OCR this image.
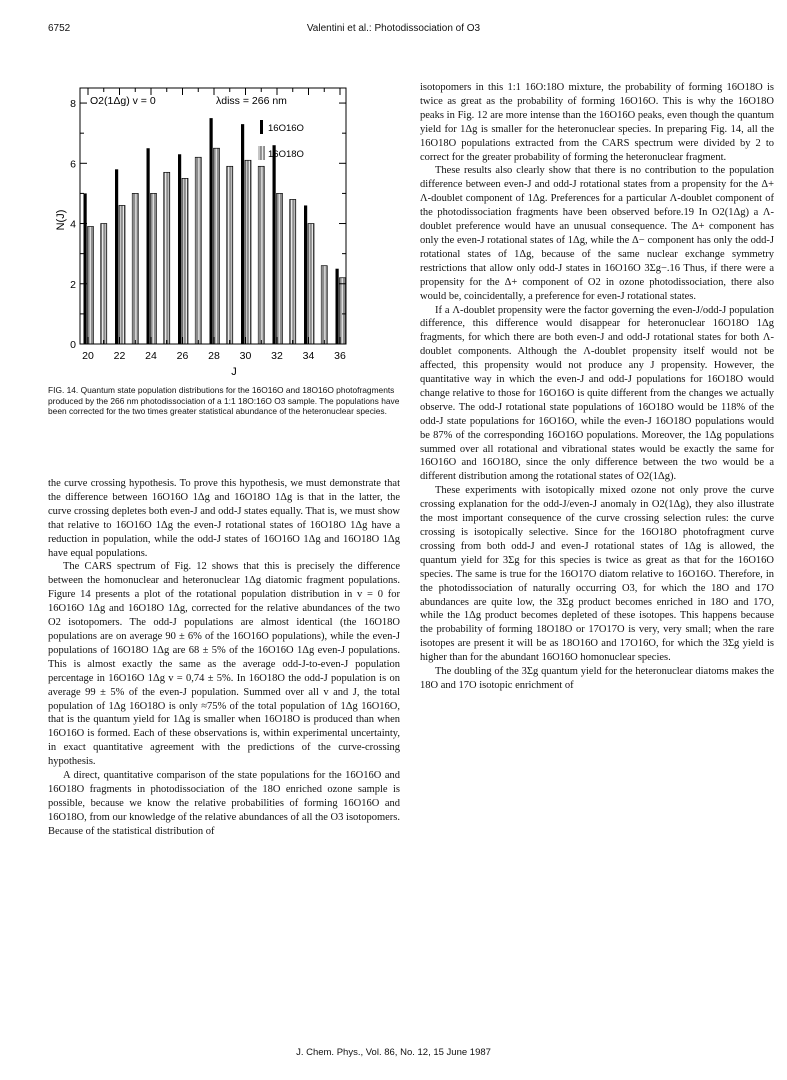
6752	Valentini et al.: Photodissociation of O3
0
2
4
6
8
20 22 24 26 28 30 32 34 36
O2(1Δg) v = 0	λdiss = 266 nm
16O16O
16O18O
N(J)
J
FIG. 14. Quantum state population distributions for the 16O16O and 18O16O photofragments produced by the 266 nm photodissociation of a 1:1 18O:16O O3 sample. The populations have been corrected for the two times greater statistical abundance of the heteronuclear species.

the curve crossing hypothesis. To prove this hypothesis, we must demonstrate that the difference between 16O16O 1Δg and 16O18O 1Δg is that in the latter, the curve crossing depletes both even-J and odd-J states equally. That is, we must show that relative to 16O16O 1Δg the even-J rotational states of 16O18O 1Δg have a reduction in population, while the odd-J states of 16O16O 1Δg and 16O18O 1Δg have equal populations.

The CARS spectrum of Fig. 12 shows that this is precisely the difference between the homonuclear and heteronuclear 1Δg diatomic fragment populations. Figure 14 presents a plot of the rotational population distribution in v = 0 for 16O16O 1Δg and 16O18O 1Δg, corrected for the relative abundances of the two O2 isotopomers. The odd-J populations are almost identical (the 16O18O populations are on average 90 ± 6% of the 16O16O populations), while the even-J populations of 16O18O 1Δg are 68 ± 5% of the 16O16O 1Δg even-J populations. This is almost exactly the same as the average odd-J-to-even-J population percentage in 16O16O 1Δg v = 0,74 ± 5%. In 16O18O the odd-J population is on average 99 ± 5% of the even-J population. Summed over all v and J, the total population of 1Δg 16O18O is only ≈75% of the total population of 1Δg 16O16O, that is the quantum yield for 1Δg is smaller when 16O18O is produced than when 16O16O is formed. Each of these observations is, within experimental uncertainty, in exact quantitative agreement with the predictions of the curve-crossing hypothesis.

A direct, quantitative comparison of the state populations for the 16O16O and 16O18O fragments in photodissociation of the 18O enriched ozone sample is possible, because we know the relative probabilities of forming 16O16O and 16O18O, from our knowledge of the relative abundances of all the O3 isotopomers. Because of the statistical distribution of

isotopomers in this 1:1 16O:18O mixture, the probability of forming 16O18O is twice as great as the probability of forming 16O16O. This is why the 16O18O peaks in Fig. 12 are more intense than the 16O16O peaks, even though the quantum yield for 1Δg is smaller for the heteronuclear species. In preparing Fig. 14, all the 16O18O populations extracted from the CARS spectrum were divided by 2 to correct for the greater probability of forming the heteronuclear fragment.

These results also clearly show that there is no contribution to the population difference between even-J and odd-J rotational states from a propensity for the Δ+ Λ-doublet component of 1Δg. Preferences for a particular Λ-doublet component of the photodissociation fragments have been observed before.19 In O2(1Δg) a Λ-doublet preference would have an unusual consequence. The Δ+ component has only the even-J rotational states of 1Δg, while the Δ− component has only the odd-J rotational states of 1Δg, because of the same nuclear exchange symmetry restrictions that allow only odd-J states in 16O16O 3Σg−.16 Thus, if there were a propensity for the Δ+ component of O2 in ozone photodissociation, there also would be, coincidentally, a preference for even-J rotational states.

If a Λ-doublet propensity were the factor governing the even-J/odd-J population difference, this difference would disappear for heteronuclear 16O18O 1Δg fragments, for which there are both even-J and odd-J rotational states for both Λ-doublet components. Although the Λ-doublet propensity itself would not be affected, this propensity would not produce any J propensity. However, the quantitative way in which the even-J and odd-J populations for 16O18O would change relative to those for 16O16O is quite different from the changes we actually observe. The odd-J rotational state populations of 16O18O would be 118% of the odd-J state populations for 16O16O, while the even-J 16O18O populations would be 87% of the corresponding 16O16O populations. Moreover, the 1Δg populations summed over all rotational and vibrational states would be exactly the same for 16O16O and 16O18O, since the only difference between the two would be a different distribution among the rotational states of O2(1Δg).

These experiments with isotopically mixed ozone not only prove the curve crossing explanation for the odd-J/even-J anomaly in O2(1Δg), they also illustrate the most important consequence of the curve crossing selection rules: the curve crossing is isotopically selective. Since for the 16O18O photofragment curve crossing from both odd-J and even-J rotational states of 1Δg is allowed, the quantum yield for 3Σg for this species is twice as great as that for the 16O16O species. The same is true for the 16O17O diatom relative to 16O16O. Therefore, in the photodissociation of naturally occurring O3, for which the 18O and 17O abundances are quite low, the 3Σg product becomes enriched in 18O and 17O, while the 1Δg product becomes depleted of these isotopes. This happens because the probability of forming 18O18O or 17O17O is very, very small; when the rare isotopes are present it will be as 18O16O and 17O16O, for which the 3Σg yield is higher than for the abundant 16O16O homonuclear species.

The doubling of the 3Σg quantum yield for the heteronuclear diatoms makes the 18O and 17O isotopic enrichment of

J. Chem. Phys., Vol. 86, No. 12, 15 June 1987
